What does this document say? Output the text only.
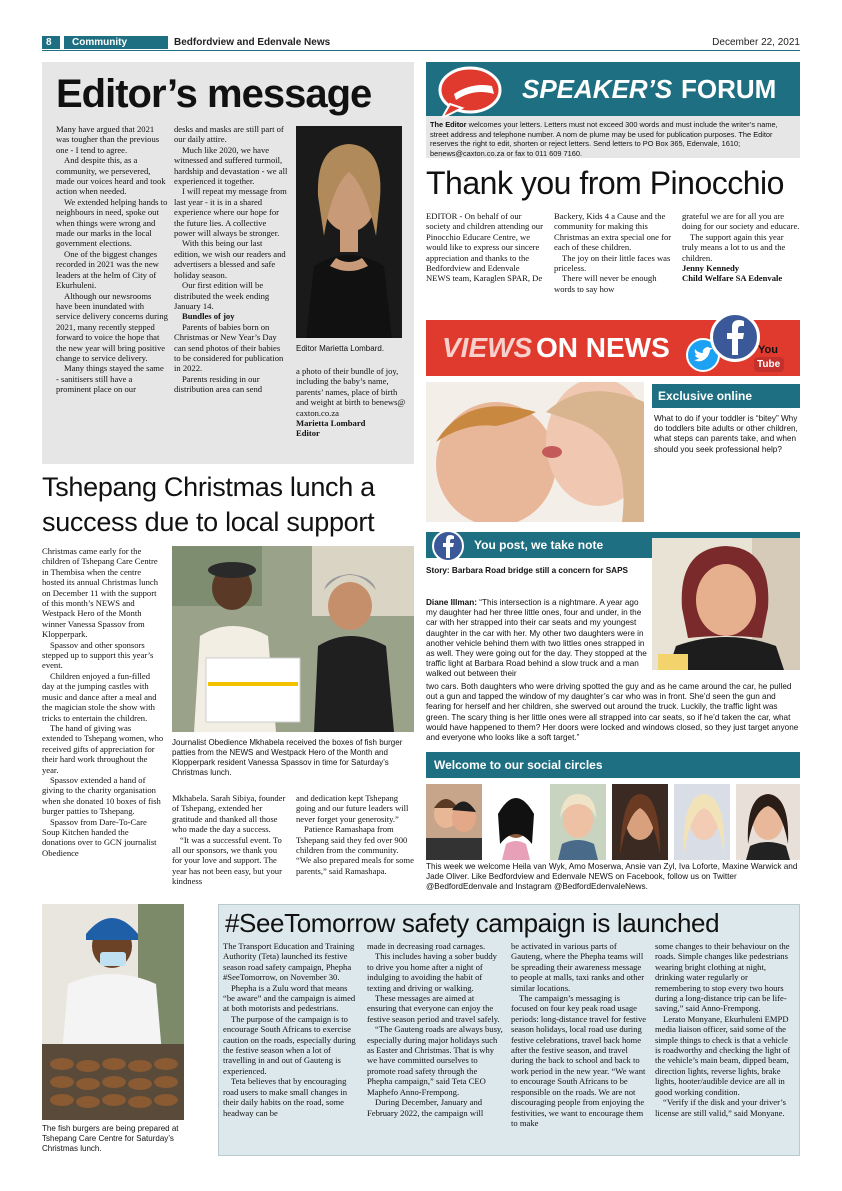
8 Community	Bedfordview and Edenvale News	December 22, 2021
Editor’s message

Many have argued that 2021 was tougher than the previous one - I tend to agree.

And despite this, as a community, we persevered, made our voices heard and took action when needed.

We extended helping hands to neighbours in need, spoke out when things were wrong and made our marks in the local government elections.

One of the biggest changes recorded in 2021 was the new leaders at the helm of City of Ekurhuleni.

Although our newsrooms have been inundated with service delivery concerns during 2021, many recently stepped forward to voice the hope that the new year will bring positive change to service delivery.

Many things stayed the same - sanitisers still have a prominent place on our

desks and masks are still part of our daily attire.

Much like 2020, we have witnessed and suffered turmoil, hardship and devastation - we all experienced it together.

I will repeat my message from last year - it is in a shared experience where our hope for the future lies. A collective power will always be stronger.

With this being our last edition, we wish our readers and advertisers a blessed and safe holiday season.

Our first edition will be distributed the week ending January 14.

Bundles of joy

Parents of babies born on Christmas or New Year’s Day can send photos of their babies to be considered for publication in 2022.

Parents residing in our distribution area can send

Editor Marietta Lombard.

a photo of their bundle of joy, including the baby’s name, parents’ names, place of birth and weight at birth to benews@ caxton.co.za

Marietta Lombard

Editor

SPEAKER’S FORUM
The Editor welcomes your letters. Letters must not exceed 300 words and must include the writer’s name, street address and telephone number. A nom de plume may be used for publication purposes. The Editor reserves the right to edit, shorten or reject letters. Send letters to PO Box 365, Edenvale, 1610; benews@caxton.co.za or fax to 011 609 7160.
Thank you from Pinocchio

EDITOR - On behalf of our society and children attending our Pinocchio Educare Centre, we would like to express our sincere appreciation and thanks to the Bedfordview and Edenvale NEWS team, Karaglen SPAR, De

Backery, Kids 4 a Cause and the community for making this Christmas an extra special one for each of these children.

The joy on their little faces was priceless.

There will never be enough words to say how

grateful we are for all you are doing for our society and educare.

The support again this year truly means a lot to us and the children.

Jenny Kennedy

Child Welfare SA Edenvale

VIEWS ON NEWS	You
Tube
Exclusive online
What to do if your toddler is “bitey” Why do toddlers bite adults or other children, what steps can parents take, and when should you seek professional help?
Tshepang Christmas lunch a success due to local support

Christmas came early for the children of Tshepang Care Centre in Thembisa when the centre hosted its annual Christmas lunch on December 11 with the support of this month’s NEWS and Westpack Hero of the Month winner Vanessa Spassov from Klopperpark.

Spassov and other sponsors stepped up to support this year’s event.

Children enjoyed a fun-filled day at the jumping castles with music and dance after a meal and the magician stole the show with tricks to entertain the children.

The hand of giving was extended to Tshepang women, who received gifts of appreciation for their hard work throughout the year.

Spassov extended a hand of giving to the charity organisation when she donated 10 boxes of fish burger patties to Tshepang.

Spassov from Dare-To-Care Soup Kitchen handed the donations over to GCN journalist Obedience

Journalist Obedience Mkhabela received the boxes of fish burger patties from the NEWS and Westpack Hero of the Month and Klopperpark resident Vanessa Spassov in time for Saturday’s Christmas lunch.

Mkhabela. Sarah Sibiya, founder of Tshepang, extended her gratitude and thanked all those who made the day a success.

“It was a successful event. To all our sponsors, we thank you for your love and support. The year has not been easy, but your kindness

and dedication kept Tshepang going and our future leaders will never forget your generosity.”

Patience Ramashapa from Tshepang said they fed over 900 children from the community. “We also prepared meals for some parents,” said Ramashapa.

You post, we take note
Story: Barbara Road bridge still a concern for SAPS
Diane Illman: “This intersection is a nightmare. A year ago my daughter had her three little ones, four and under, in the car with her strapped into their car seats and my youngest daughter in the car with her. My other two daughters were in another vehicle behind them with two littles ones strapped in as well. They were going out for the day. They stopped at the traffic light at Barbara Road behind a slow truck and a man walked out between their
two cars. Both daughters who were driving spotted the guy and as he came around the car, he pulled out a gun and tapped the window of my daughter’s car who was in front. She’d seen the gun and fearing for herself and her children, she swerved out around the truck. Luckily, the traffic light was green. The scary thing is her little ones were all strapped into car seats, so if he’d taken the car, what would have happened to them? Her doors were locked and windows closed, so they just target anyone and everyone who looks like a soft target.”
Welcome to our social circles
This week we welcome Heila van Wyk, Amo Moserwa, Ansie van Zyl, Iva Loforte, Maxine Warwick and Jade Oliver. Like Bedfordview and Edenvale NEWS on Facebook, follow us on Twitter @BedfordEdenvale and Instagram @BedfordEdenvaleNews.
The fish burgers are being prepared at Tshepang Care Centre for Saturday’s Christmas lunch.
#SeeTomorrow safety campaign is launched

The Transport Education and Training Authority (Teta) launched its festive season road safety campaign, Phepha #SeeTomorrow, on November 30.

Phepha is a Zulu word that means “be aware” and the campaign is aimed at both motorists and pedestrians.

The purpose of the campaign is to encourage South Africans to exercise caution on the roads, especially during the festive season when a lot of travelling in and out of Gauteng is experienced.

Teta believes that by encouraging road users to make small changes in their daily habits on the road, some headway can be

made in decreasing road carnages.

This includes having a sober buddy to drive you home after a night of indulging to avoiding the habit of texting and driving or walking.

These messages are aimed at ensuring that everyone can enjoy the festive season period and travel safely.

“The Gauteng roads are always busy, especially during major holidays such as Easter and Christmas. That is why we have committed ourselves to promote road safety through the Phepha campaign,” said Teta CEO Maphefo Anno-Frempong.

During December, January and February 2022, the campaign will

be activated in various parts of Gauteng, where the Phepha teams will be spreading their awareness message to people at malls, taxi ranks and other similar locations.

The campaign’s messaging is focused on four key peak road usage periods: long-distance travel for festive season holidays, local road use during festive celebrations, travel back home after the festive season, and travel during the back to school and back to work period in the new year. “We want to encourage South Africans to be responsible on the roads. We are not discouraging people from enjoying the festivities, we want to encourage them to make

some changes to their behaviour on the roads. Simple changes like pedestrians wearing bright clothing at night, drinking water regularly or remembering to stop every two hours during a long-distance trip can be life-saving,” said Anno-Frempong.

Lerato Monyane, Ekurhuleni EMPD media liaison officer, said some of the simple things to check is that a vehicle is roadworthy and checking the light of the vehicle’s main beam, dipped beam, direction lights, reverse lights, brake lights, hooter/audible device are all in good working condition.

“Verify if the disk and your driver’s license are still valid,” said Monyane.
